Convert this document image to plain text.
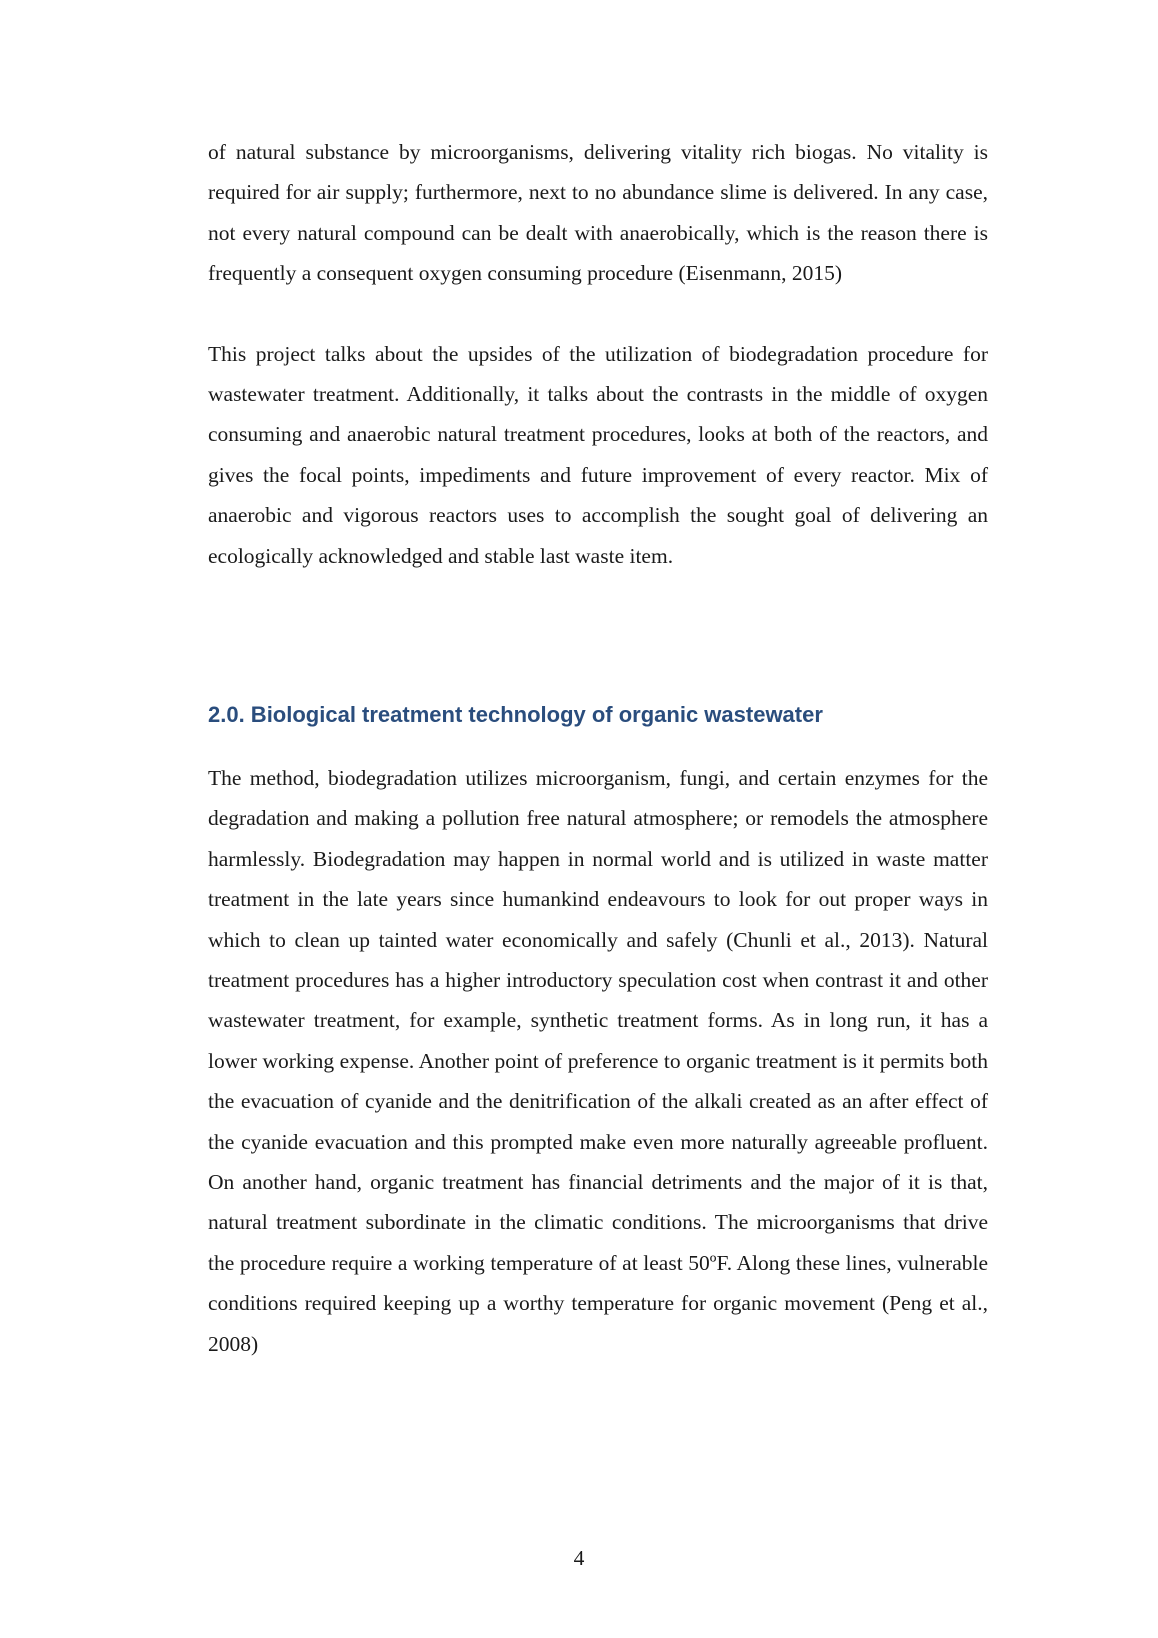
of natural substance by microorganisms, delivering vitality rich biogas. No vitality is required for air supply; furthermore, next to no abundance slime is delivered. In any case, not every natural compound can be dealt with anaerobically, which is the reason there is frequently a consequent oxygen consuming procedure (Eisenmann, 2015)

This project talks about the upsides of the utilization of biodegradation procedure for wastewater treatment. Additionally, it talks about the contrasts in the middle of oxygen consuming and anaerobic natural treatment procedures, looks at both of the reactors, and gives the focal points, impediments and future improvement of every reactor. Mix of anaerobic and vigorous reactors uses to accomplish the sought goal of delivering an ecologically acknowledged and stable last waste item.

2.0. Biological treatment technology of organic wastewater

The method, biodegradation utilizes microorganism, fungi, and certain enzymes for the degradation and making a pollution free natural atmosphere; or remodels the atmosphere harmlessly. Biodegradation may happen in normal world and is utilized in waste matter treatment in the late years since humankind endeavours to look for out proper ways in which to clean up tainted water economically and safely (Chunli et al., 2013). Natural treatment procedures has a higher introductory speculation cost when contrast it and other wastewater treatment, for example, synthetic treatment forms. As in long run, it has a lower working expense. Another point of preference to organic treatment is it permits both the evacuation of cyanide and the denitrification of the alkali created as an after effect of the cyanide evacuation and this prompted make even more naturally agreeable profluent. On another hand, organic treatment has financial detriments and the major of it is that, natural treatment subordinate in the climatic conditions. The microorganisms that drive the procedure require a working temperature of at least 50ºF. Along these lines, vulnerable conditions required keeping up a worthy temperature for organic movement (Peng et al., 2008)

4
